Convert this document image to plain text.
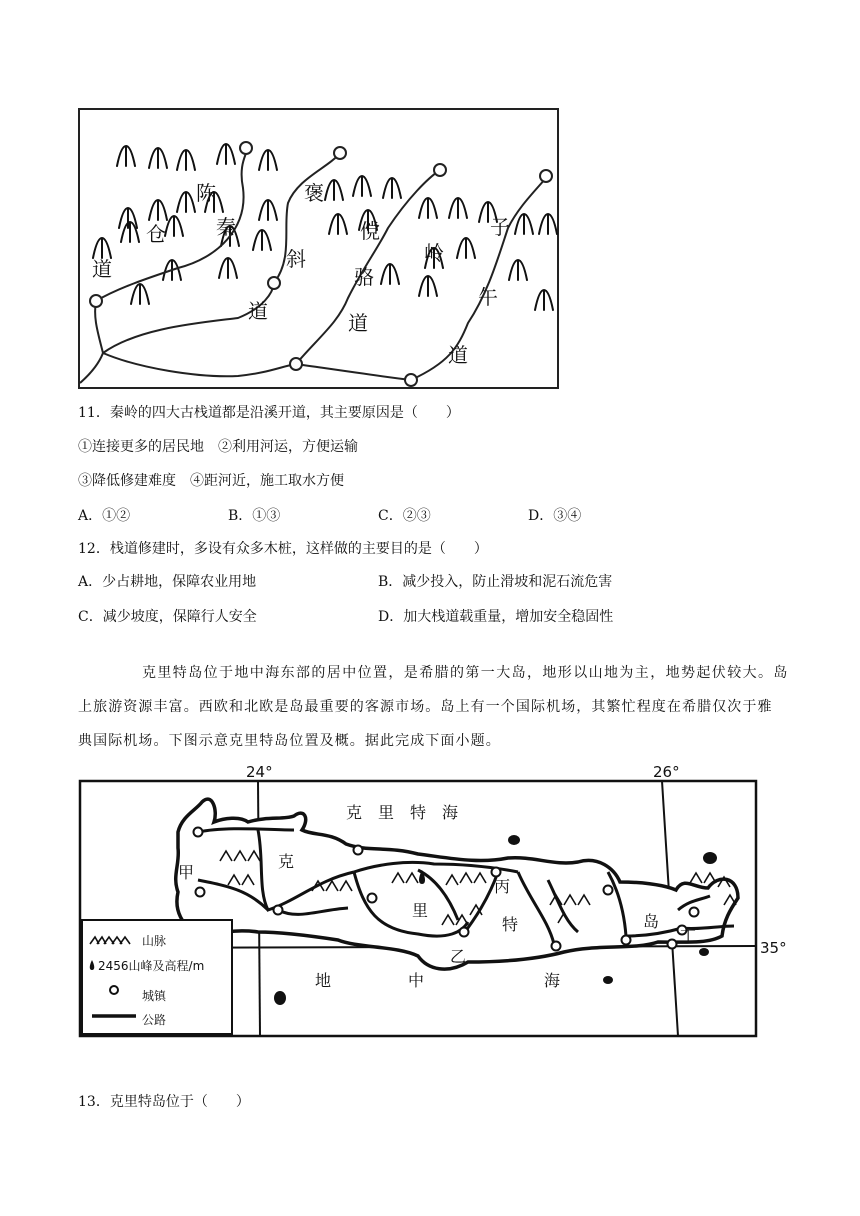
陈
仓
道
秦
斜
道
褒
傥
骆
道
岭
子
午
道
11．秦岭的四大古栈道都是沿溪开道，其主要原因是（　　）
①连接更多的居民地　②利用河运，方便运输
③降低修建难度　④距河近，施工取水方便
A．①②	B．①③	C．②③	D．③④
12．栈道修建时，多设有众多木桩，这样做的主要目的是（　　）
A．少占耕地，保障农业用地	B．减少投入，防止滑坡和泥石流危害
C．减少坡度，保障行人安全	D．加大栈道载重量，增加安全稳固性
克里特岛位于地中海东部的居中位置，是希腊的第一大岛，地形以山地为主，地势起伏较大。岛
上旅游资源丰富。西欧和北欧是岛最重要的客源市场。岛上有一个国际机场，其繁忙程度在希腊仅次于雅
典国际机场。下图示意克里特岛位置及概。据此完成下面小题。
24°	26°
35°
克　里　特　海
地	中	海
克
里
特	岛
甲
乙
丙
丁
山脉
2456山峰及高程/m
城镇
公路
13．克里特岛位于（　　）
